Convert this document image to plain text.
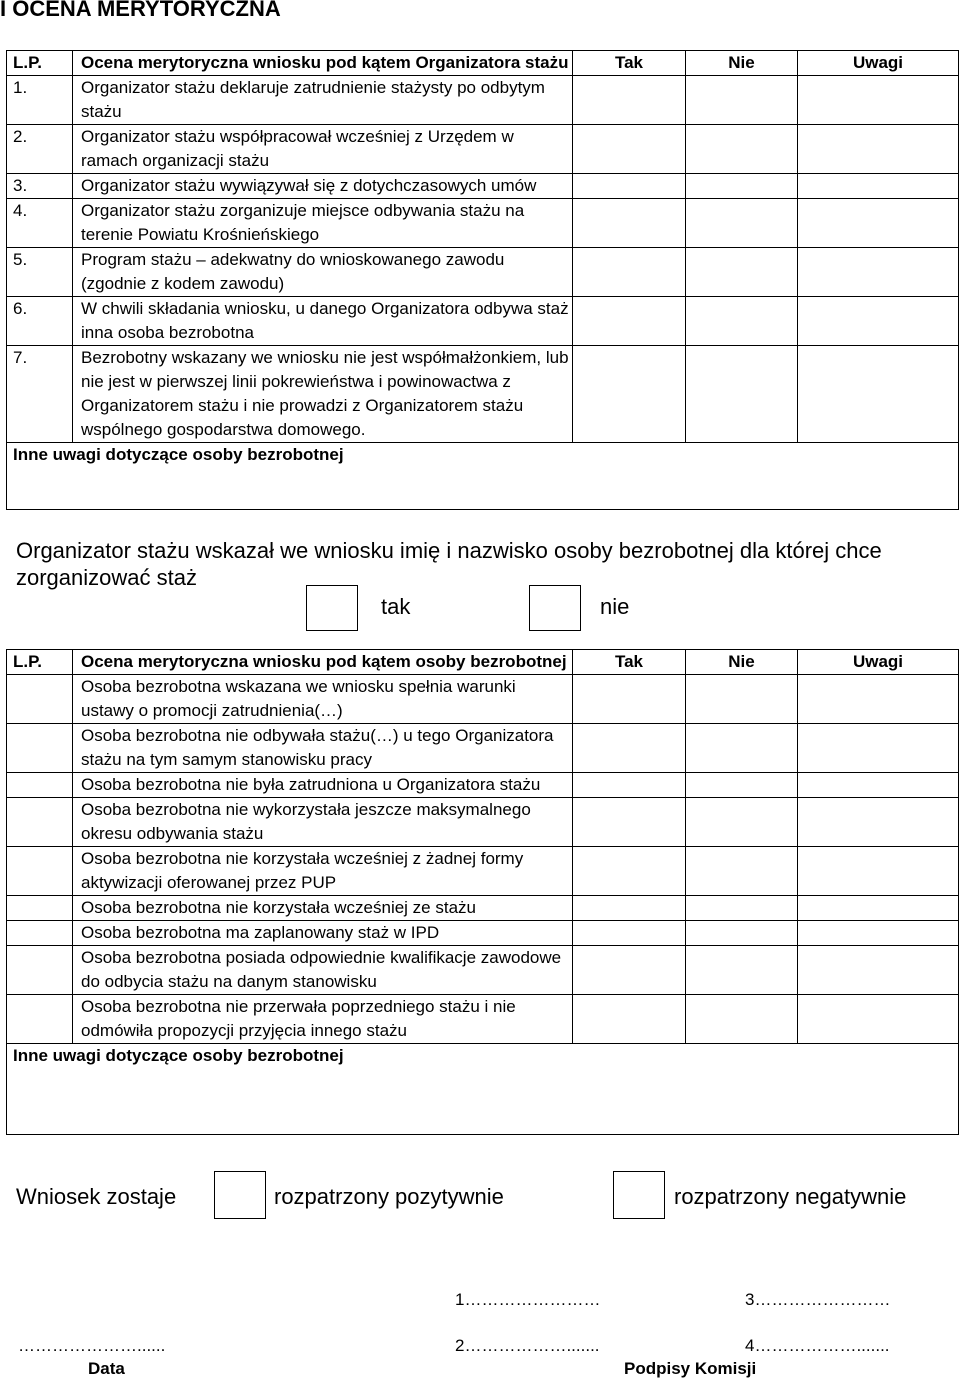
I OCENA MERYTORYCZNA
L.P.	Ocena merytoryczna wniosku pod kątem Organizatora stażu	Tak	Nie	Uwagi
1.	Organizator stażu deklaruje zatrudnienie stażysty po odbytym stażu			
2.	Organizator stażu współpracował wcześniej z Urzędem w ramach organizacji stażu			
3.	Organizator stażu wywiązywał się z dotychczasowych umów			
4.	Organizator stażu zorganizuje miejsce odbywania stażu na terenie Powiatu Krośnieńskiego			
5.	Program stażu – adekwatny do wnioskowanego zawodu (zgodnie z kodem zawodu)			
6.	W chwili składania wniosku, u danego Organizatora odbywa staż inna osoba bezrobotna			
7.	Bezrobotny wskazany we wniosku nie jest współmałżonkiem, lub nie jest w pierwszej linii pokrewieństwa i powinowactwa z Organizatorem stażu i nie prowadzi z Organizatorem stażu wspólnego gospodarstwa domowego.			
Inne uwagi dotyczące osoby bezrobotnej				
Organizator stażu wskazał we wniosku imię i nazwisko osoby bezrobotnej dla której chce zorganizować staż
tak	nie
L.P.	Ocena merytoryczna wniosku pod kątem osoby bezrobotnej	Tak	Nie	Uwagi
	Osoba bezrobotna wskazana we wniosku spełnia warunki ustawy o promocji zatrudnienia(…)			
	Osoba bezrobotna nie odbywała stażu(…) u tego Organizatora stażu na tym samym stanowisku pracy			
	Osoba bezrobotna nie była zatrudniona u Organizatora stażu			
	Osoba bezrobotna nie wykorzystała jeszcze maksymalnego okresu odbywania stażu			
	Osoba bezrobotna nie korzystała wcześniej z żadnej formy aktywizacji oferowanej przez PUP			
	Osoba bezrobotna nie korzystała wcześniej ze stażu			
	Osoba bezrobotna ma zaplanowany staż w IPD			
	Osoba bezrobotna posiada odpowiednie kwalifikacje zawodowe do odbycia stażu na danym stanowisku			
	Osoba bezrobotna nie przerwała poprzedniego stażu i nie odmówiła propozycji przyjęcia innego stażu			
Inne uwagi dotyczące osoby bezrobotnej				
Wniosek zostaje	rozpatrzony pozytywnie	rozpatrzony negatywnie
1……………………	3……………………
…………………......	2……………….......	4……………….......
Data	Podpisy Komisji
